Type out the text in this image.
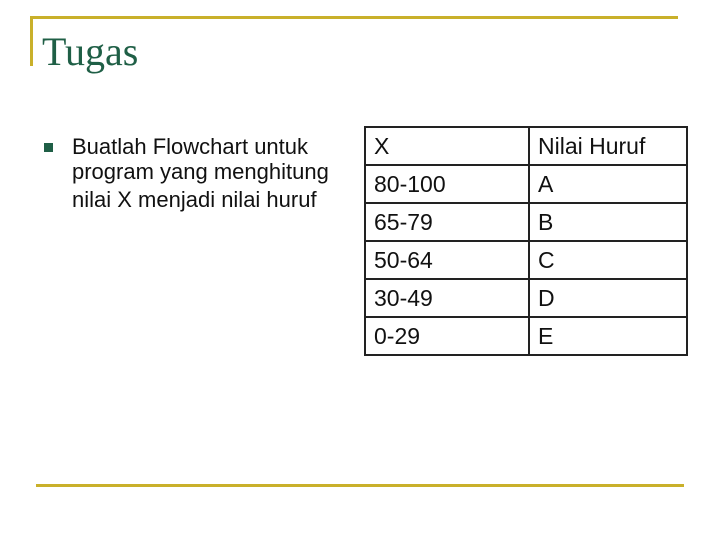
Tugas
Buatlah Flowchart untuk
program yang menghitung nilai X menjadi nilai huruf
X	Nilai Huruf
80-100	A
65-79	B
50-64	C
30-49	D
0-29	E
